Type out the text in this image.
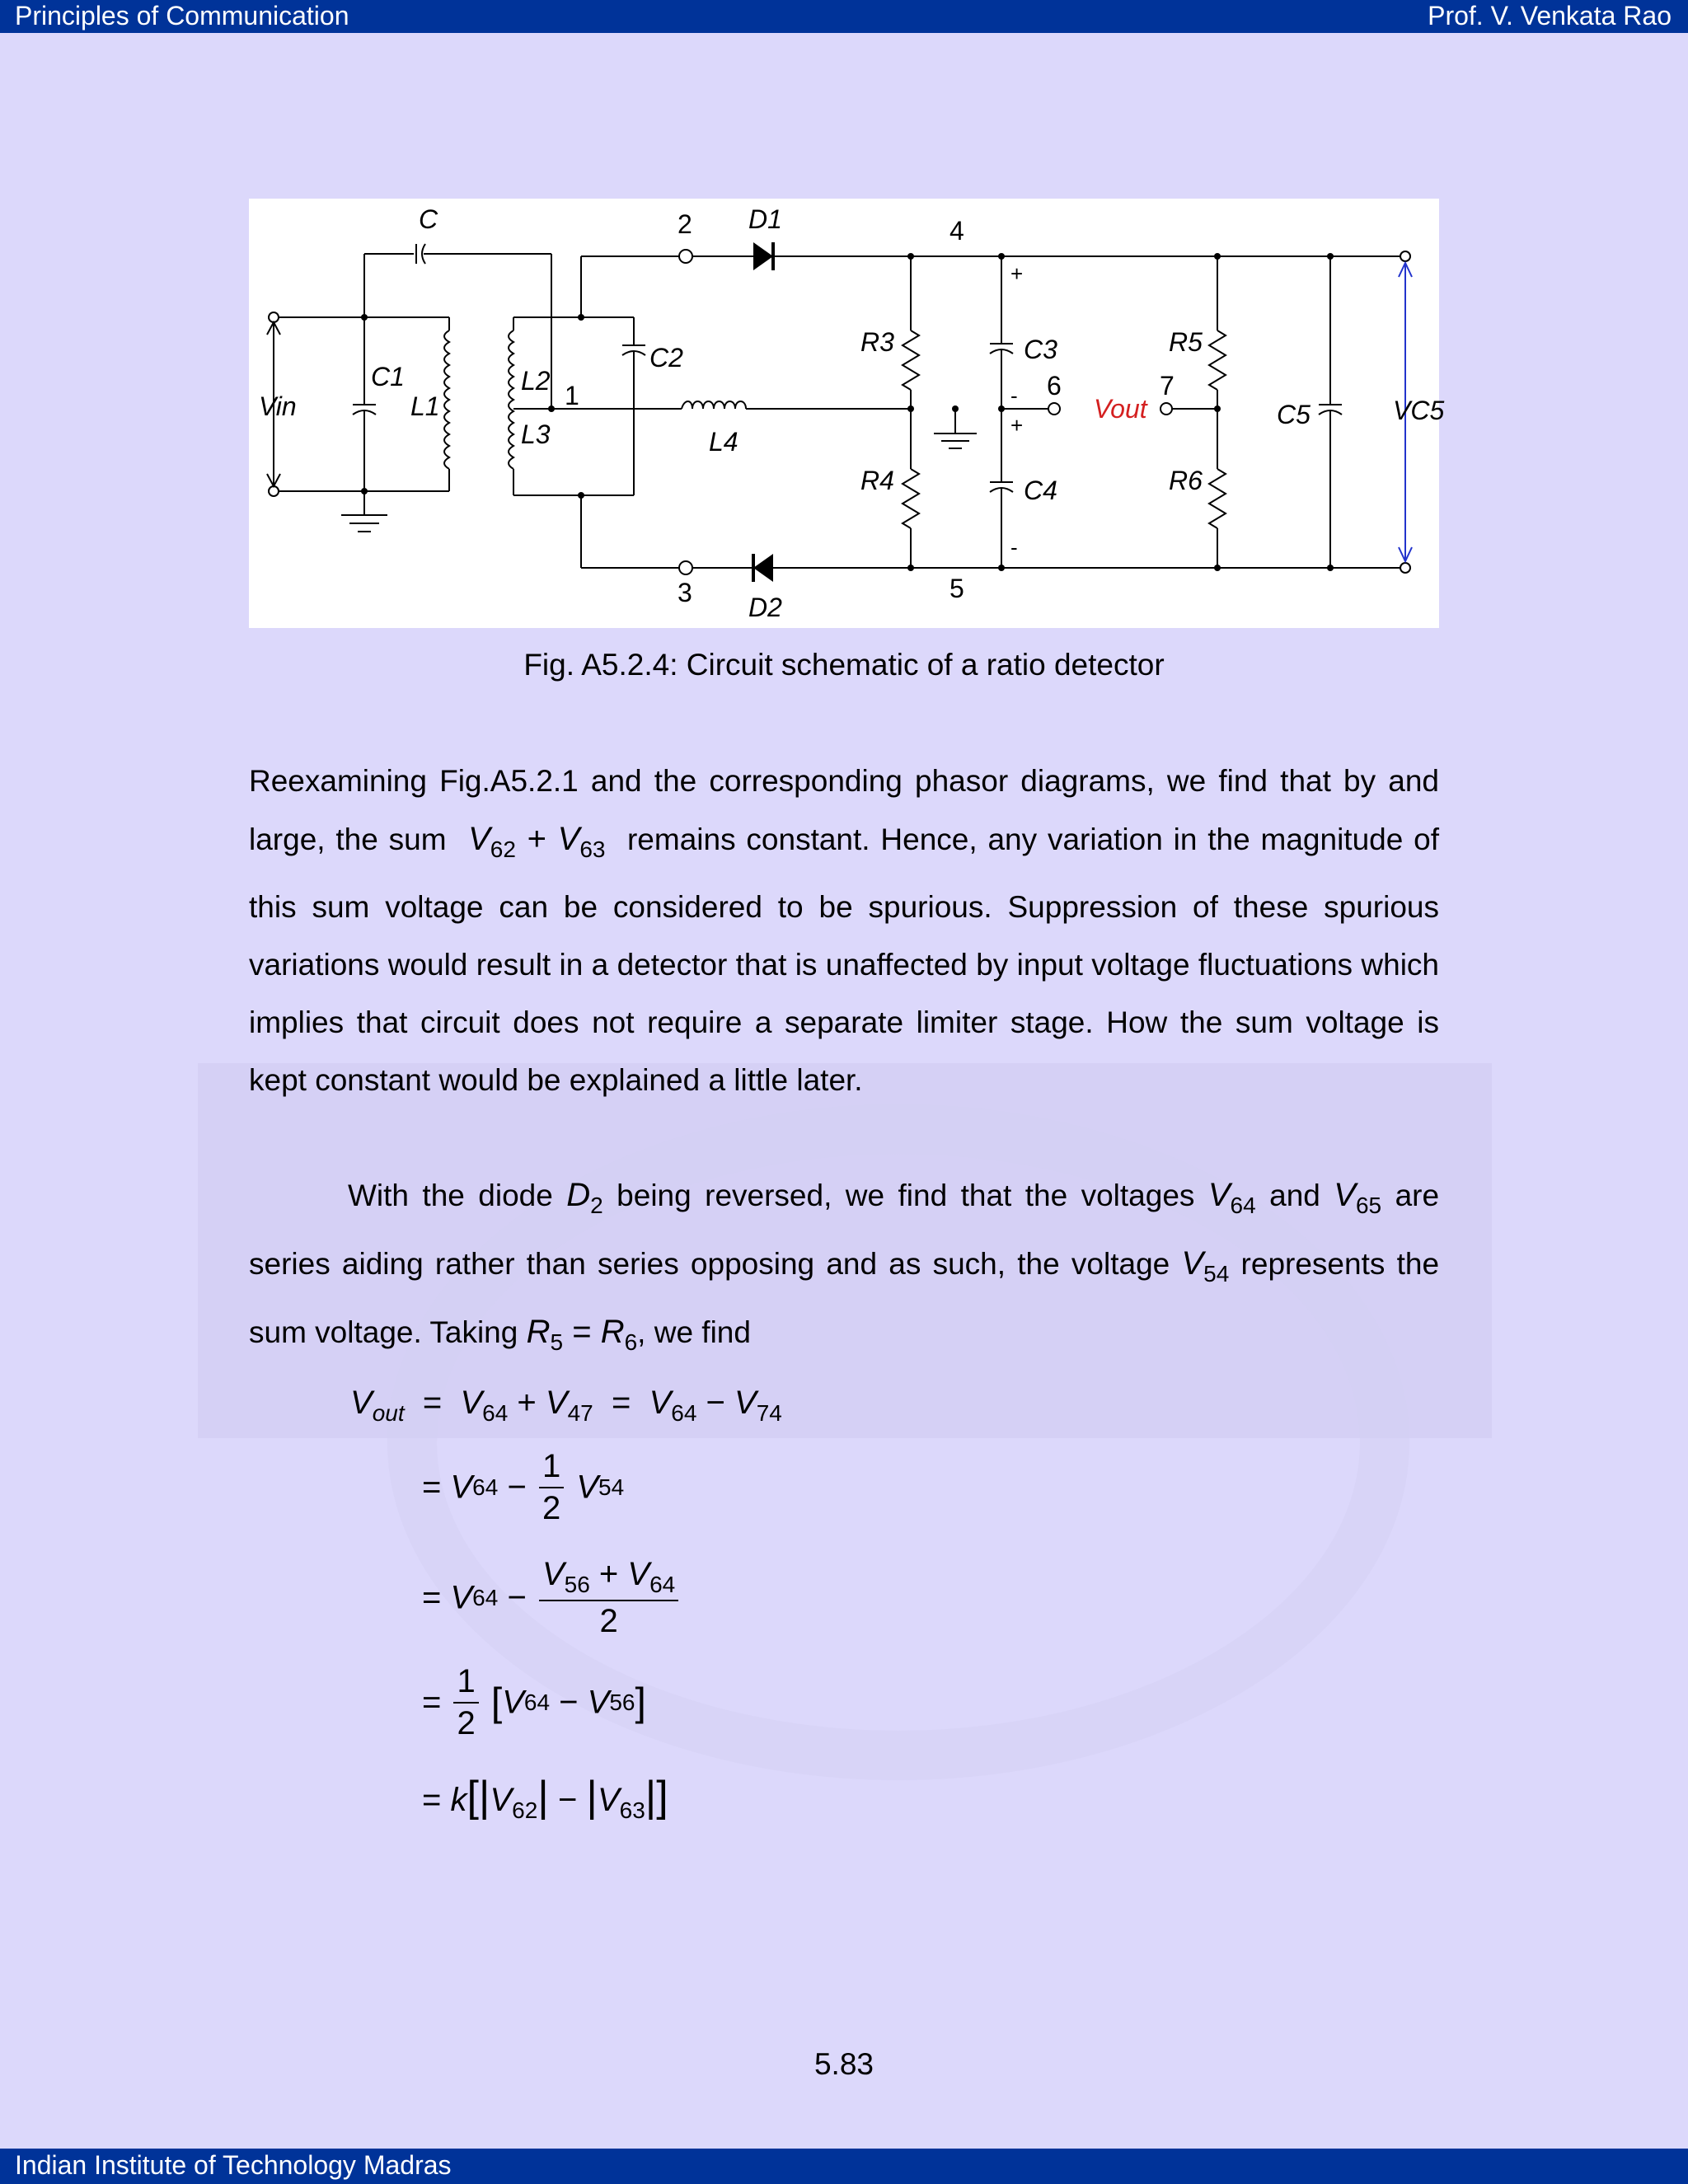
Principles of Communication	Prof. V. Venkata Rao
C
C1
L1
L2
L3
C2
L4
D1
D2
R3
R4
C3
C4
R5
R6
C5
Vin	Vout	VC5
1
2
3
4
5
6	7
+
-
+
-
Fig. A5.2.4: Circuit schematic of a ratio detector
Reexamining Fig.A5.2.1 and the corresponding phasor diagrams, we find that by and large, the sum $V_{62} + V_{63}$ remains constant. Hence, any variation in the magnitude of this sum voltage can be considered to be spurious. Suppression of these spurious variations would result in a detector that is unaffected by input voltage fluctuations which implies that circuit does not require a separate limiter stage. How the sum voltage is kept constant would be explained a little later.
With the diode $D_2$ being reversed, we find that the voltages $V_{64}$ and $V_{65}$ are series aiding rather than series opposing and as such, the voltage $V_{54}$ represents the sum voltage. Taking $R_5 = R_6$, we find
$V_{out} = V_{64} + V_{47} = V_{64} - V_{74}$
= $V64 - \frac{1}{2} V54$
= $V64 - \frac{V_{56} + V_{64}}{2}$
= $\frac{1}{2} [V64 - V56]$
= $k[|V_{62}| - |V_{63}|]$
5.83
Indian Institute of Technology Madras
